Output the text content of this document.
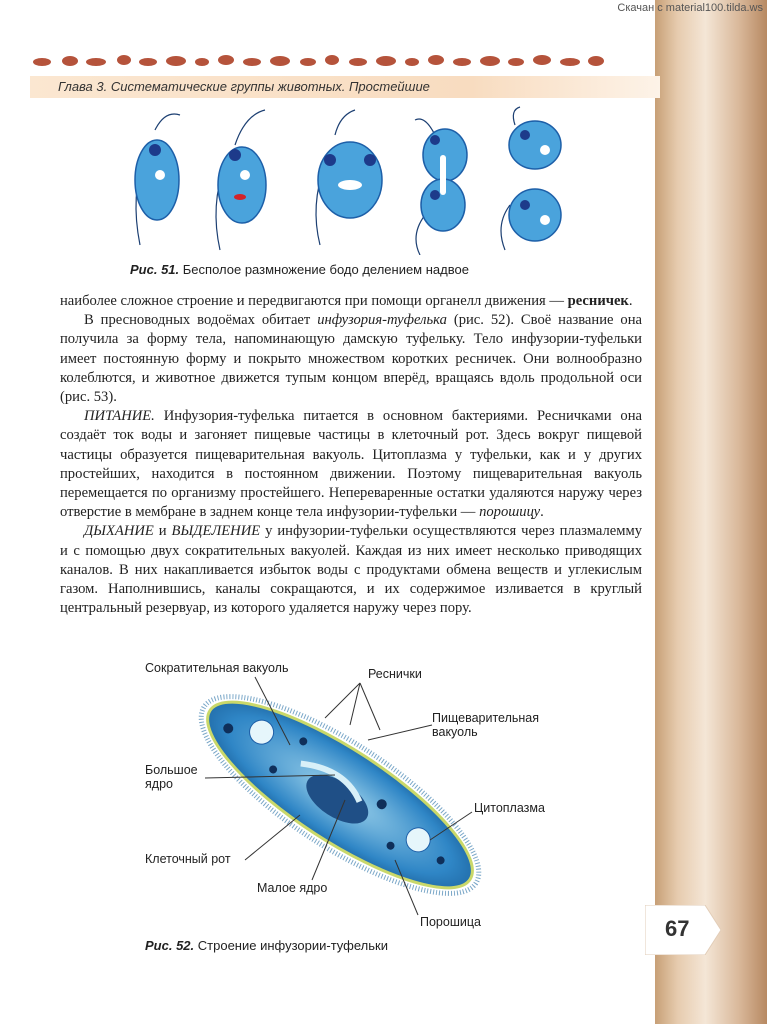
Скачан с material100.tilda.ws
Глава 3. Систематические группы животных. Простейшие
Рис. 51. Бесполое размножение бодо делением надвое

наиболее сложное строение и передвигаются при помощи органелл движения — ресничек.

В пресноводных водоёмах обитает инфузория-туфелька (рис. 52). Своё название она получила за форму тела, напоминающую дамскую туфельку. Тело инфузории-туфельки имеет постоянную форму и покрыто множеством коротких ресничек. Они волнообразно колеблются, и животное движется тупым концом вперёд, вращаясь вдоль продольной оси (рис. 53).

ПИТАНИЕ. Инфузория-туфелька питается в основном бактериями. Ресничками она создаёт ток воды и загоняет пищевые частицы в клеточный рот. Здесь вокруг пищевой частицы образуется пищеварительная вакуоль. Цитоплазма у туфельки, как и у других простейших, находится в постоянном движении. Поэтому пищеварительная вакуоль перемещается по организму простейшего. Непереваренные остатки удаляются наружу через отверстие в мембране в заднем конце тела инфузории-туфельки — порошицу.

ДЫХАНИЕ и ВЫДЕЛЕНИЕ у инфузории-туфельки осуществляются через плазмалемму и с помощью двух сократительных вакуолей. Каждая из них имеет несколько приводящих каналов. В них накапливается избыток воды с продуктами обмена веществ и углекислым газом. Наполнившись, каналы сокращаются, и их содержимое изливается в круглый центральный резервуар, из которого удаляется наружу через пору.

Сократительная вакуоль	Реснички
Пищеварительная вакуоль
Большое ядро
Цитоплазма
Клеточный рот
Малое ядро
Порошица
Рис. 52. Строение инфузории-туфельки
67
